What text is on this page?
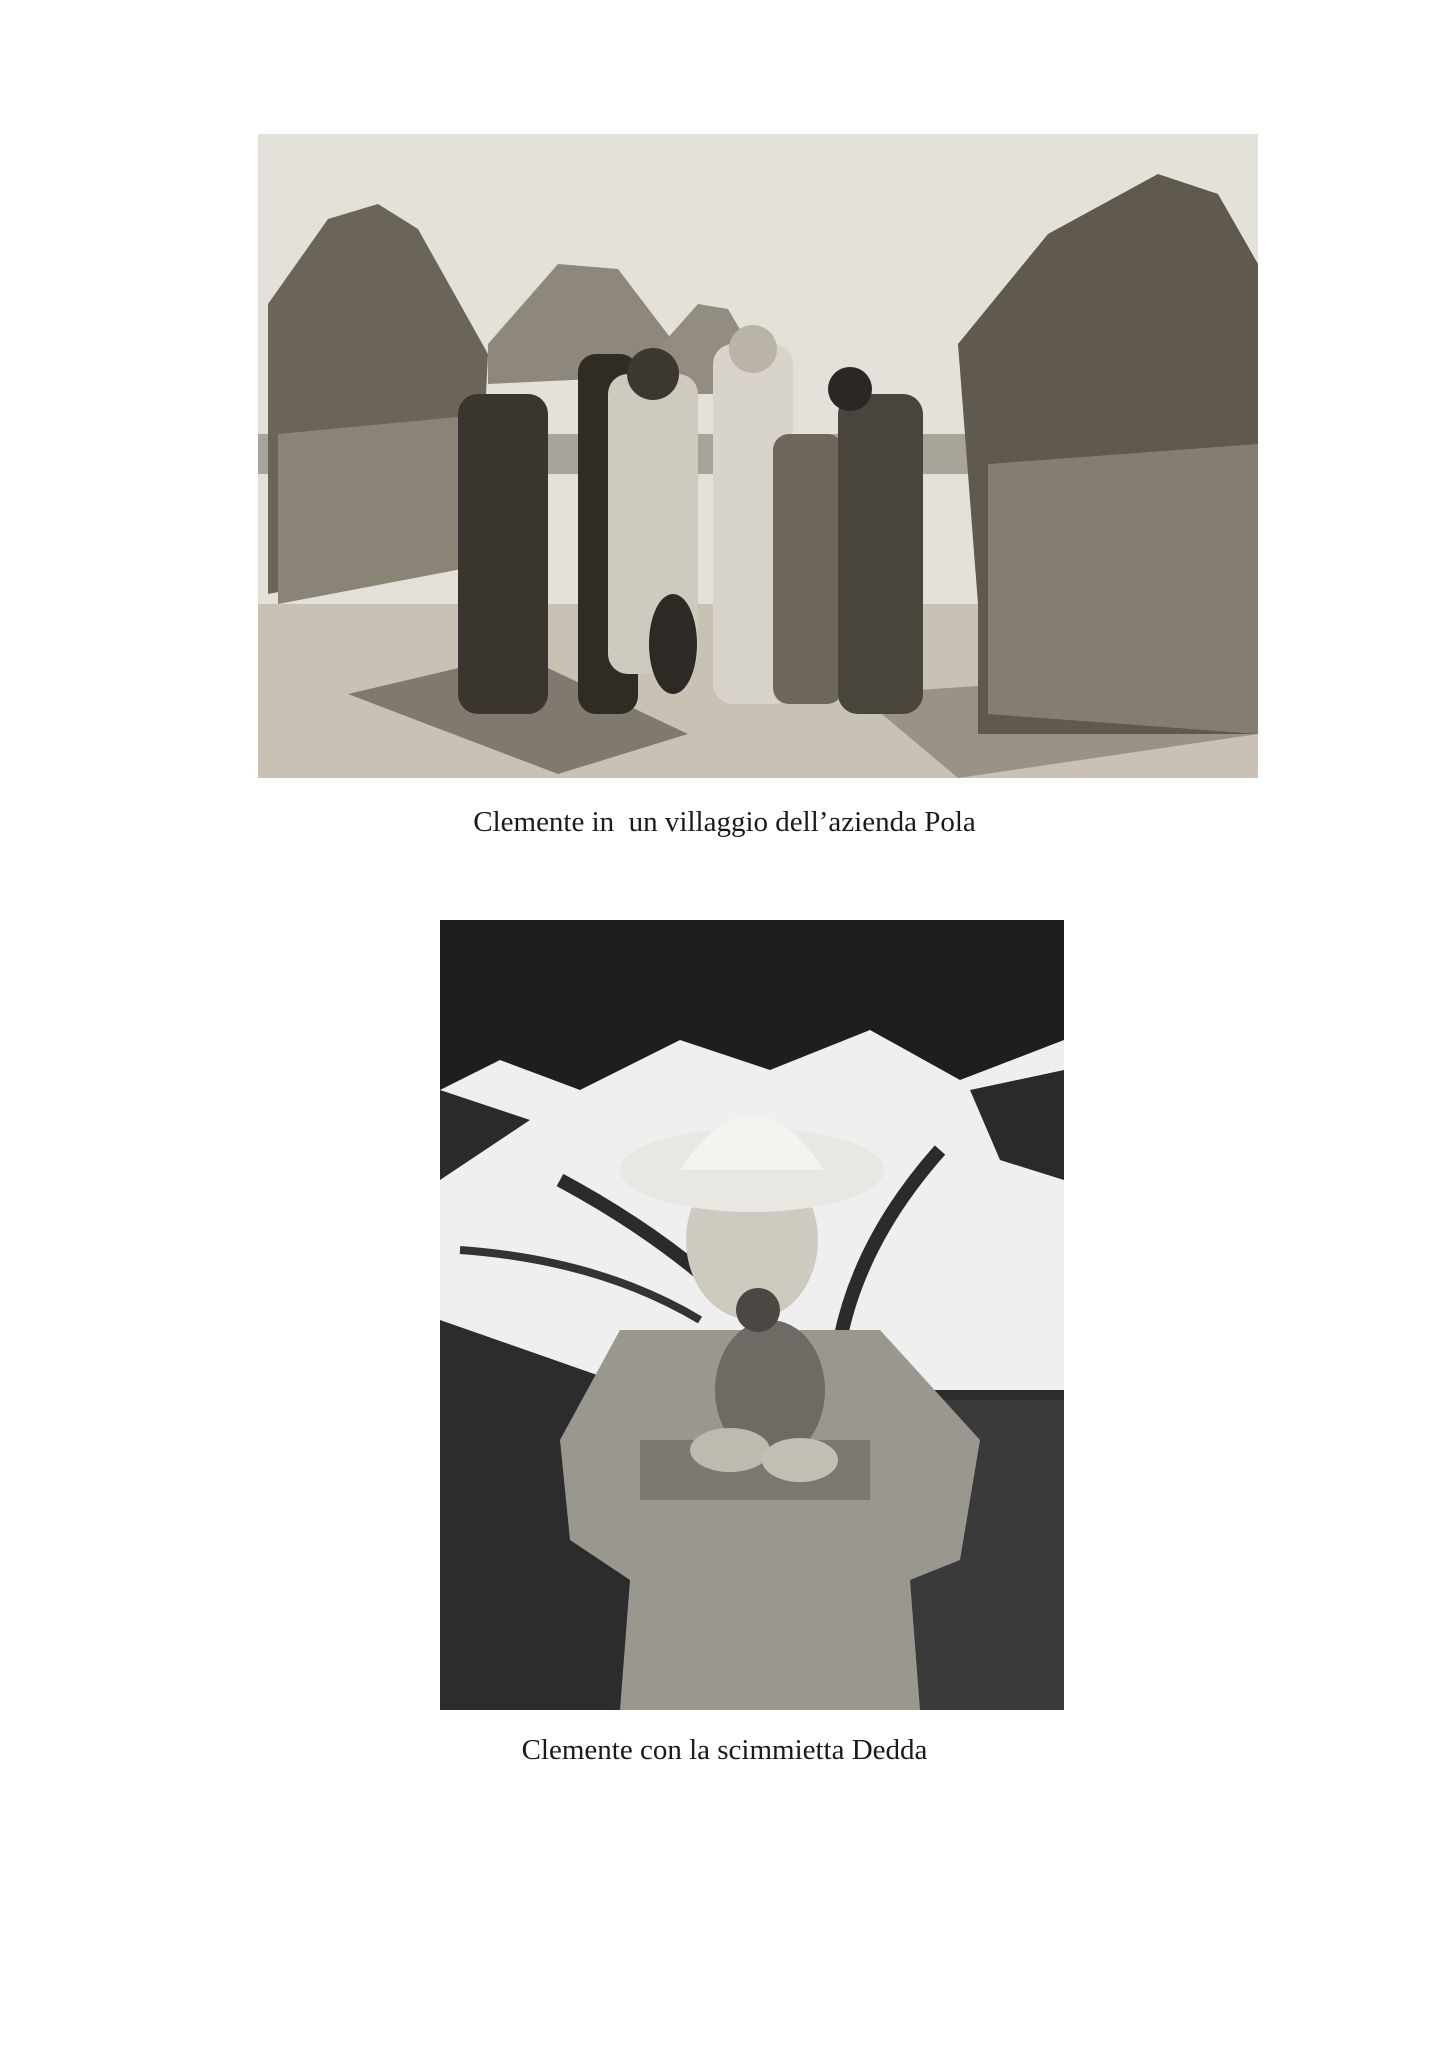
Clemente in  un villaggio dell’azienda Pola
Clemente con la scimmietta Dedda
